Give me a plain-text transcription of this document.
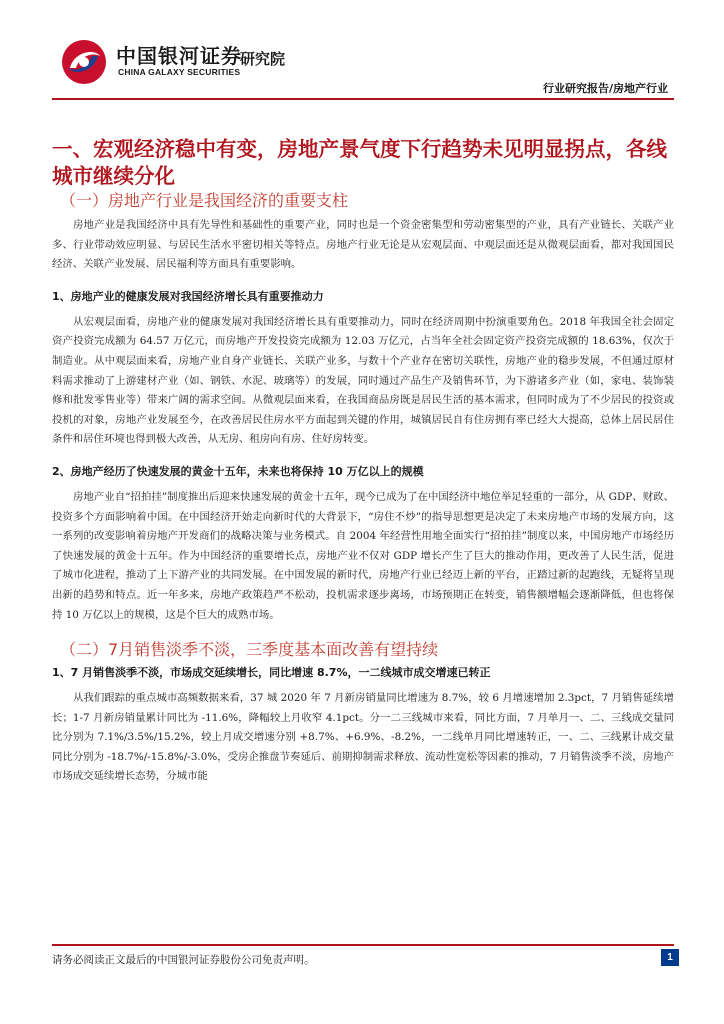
中国银河证券
研究院
CHINA GALAXY SECURITIES
行业研究报告/房地产行业
一、宏观经济稳中有变，房地产景气度下行趋势未见明显拐点，各线城市继续分化
（一）房地产行业是我国经济的重要支柱

房地产业是我国经济中具有先导性和基础性的重要产业，同时也是一个资金密集型和劳动密集型的产业，具有产业链长、关联产业多、行业带动效应明显、与居民生活水平密切相关等特点。房地产行业无论是从宏观层面、中观层面还是从微观层面看，都对我国国民经济、关联产业发展、居民福利等方面具有重要影响。

1、房地产业的健康发展对我国经济增长具有重要推动力

从宏观层面看，房地产业的健康发展对我国经济增长具有重要推动力，同时在经济周期中扮演重要角色。2018 年我国全社会固定资产投资完成额为 64.57 万亿元，而房地产开发投资完成额为 12.03 万亿元，占当年全社会固定资产投资完成额的 18.63%，仅次于制造业。从中观层面来看，房地产业自身产业链长、关联产业多，与数十个产业存在密切关联性，房地产业的稳步发展，不但通过原材料需求推动了上游建材产业（如、钢铁、水泥、玻璃等）的发展，同时通过产品生产及销售环节，为下游诸多产业（如，家电、装饰装修和批发零售业等）带来广阔的需求空间。从微观层面来看，在我国商品房既是居民生活的基本需求，但同时成为了不少居民的投资或投机的对象，房地产业发展至今，在改善居民住房水平方面起到关键的作用，城镇居民自有住房拥有率已经大大提高，总体上居民居住条件和居住环境也得到极大改善，从无房、租房向有房、住好房转变。

2、房地产经历了快速发展的黄金十五年，未来也将保持 10 万亿以上的规模

房地产业自“招拍挂”制度推出后迎来快速发展的黄金十五年，现今已成为了在中国经济中地位举足轻重的一部分，从 GDP、财政、投资多个方面影响着中国。在中国经济开始走向新时代的大背景下，“房住不炒”的指导思想更是决定了未来房地产市场的发展方向，这一系列的改变影响着房地产开发商们的战略决策与业务模式。自 2004 年经营性用地全面实行“招拍挂”制度以来，中国房地产市场经历了快速发展的黄金十五年。作为中国经济的重要增长点，房地产业不仅对 GDP 增长产生了巨大的推动作用，更改善了人民生活，促进了城市化进程，推动了上下游产业的共同发展。在中国发展的新时代，房地产行业已经迈上新的平台，正踏过新的起跑线，无疑将呈现出新的趋势和特点。近一年多来，房地产政策趋严不松动，投机需求逐步离场，市场预期正在转变，销售额增幅会逐渐降低，但也将保持 10 万亿以上的规模，这是个巨大的成熟市场。

（二）7月销售淡季不淡，三季度基本面改善有望持续
1、7 月销售淡季不淡，市场成交延续增长，同比增速 8.7%，一二线城市成交增速已转正

从我们跟踪的重点城市高频数据来看，37 城 2020 年 7 月新房销量同比增速为 8.7%，较 6 月增速增加 2.3pct，7 月销售延续增长；1-7 月新房销量累计同比为 -11.6%，降幅较上月收窄 4.1pct。分一二三线城市来看，同比方面，7 月单月一、二、三线成交量同比分别为 7.1%/3.5%/15.2%，较上月成交增速分别 +8.7%、+6.9%、-8.2%，一二线单月同比增速转正，一、二、三线累计成交量同比分别为 -18.7%/-15.8%/-3.0%，受房企推盘节奏延后、前期抑制需求释放、流动性宽松等因素的推动，7 月销售淡季不淡，房地产市场成交延续增长态势，分城市能

请务必阅读正文最后的中国银河证券股份公司免责声明。	1
